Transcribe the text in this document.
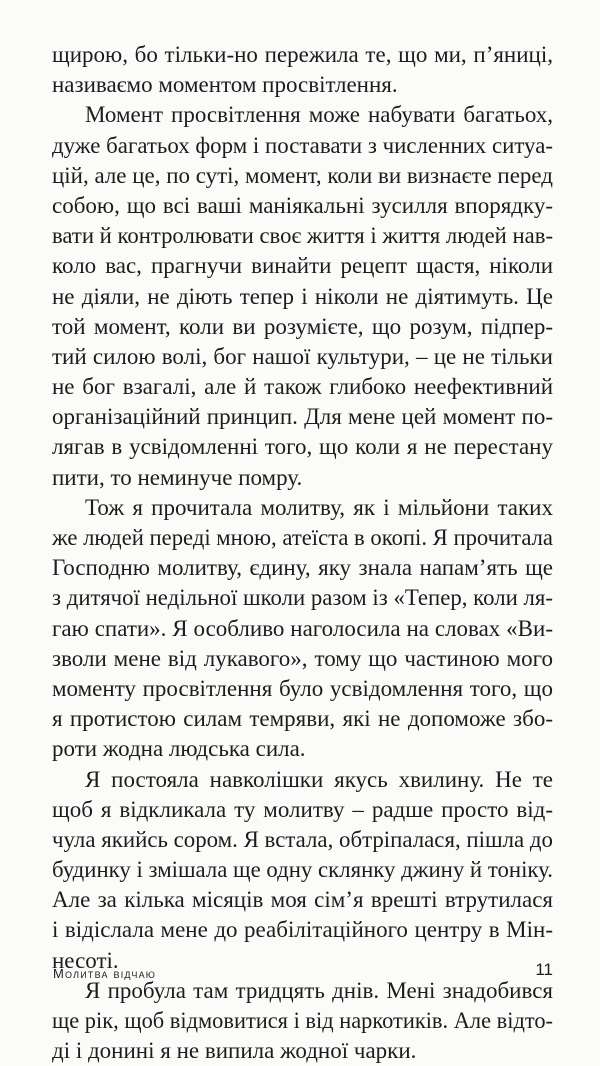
щирою, бо тільки-но пережила те, що ми, п’яниці,
називаємо моментом просвітлення.
Момент просвітлення може набувати багатьох,
дуже багатьох форм і поставати з численних ситуа-
цій, але це, по суті, момент, коли ви визнаєте перед
собою, що всі ваші маніякальні зусилля впорядку-
вати й контролювати своє життя і життя людей нав-
коло вас, прагнучи винайти рецепт щастя, ніколи
не діяли, не діють тепер і ніколи не діятимуть. Це
той момент, коли ви розумієте, що розум, підпер-
тий силою волі, бог нашої культури, – це не тільки
не бог взагалі, але й також глибоко неефективний
організаційний принцип. Для мене цей момент по-
лягав в усвідомленні того, що коли я не перестану
пити, то неминуче помру.
Тож я прочитала молитву, як і мільйони таких
же людей переді мною, атеїста в окопі. Я прочитала
Господню молитву, єдину, яку знала напам’ять ще
з дитячої недільної школи разом із «Тепер, коли ля-
гаю спати». Я особливо наголосила на словах «Ви-
зволи мене від лукавого», тому що частиною мого
моменту просвітлення було усвідомлення того, що
я протистою силам темряви, які не допоможе збо-
роти жодна людська сила.
Я постояла навколішки якусь хвилину. Не те
щоб я відкликала ту молитву – радше просто від-
чула якийсь сором. Я встала, обтріпалася, пішла до
будинку і змішала ще одну склянку джину й тоніку.
Але за кілька місяців моя сім’я врешті втрутилася
і відіслала мене до реабілітаційного центру в Мін-
несоті.
Я пробула там тридцять днів. Мені знадобився
ще рік, щоб відмовитися і від наркотиків. Але відто-
ді і донині я не випила жодної чарки.
Молитва відчаю	11
